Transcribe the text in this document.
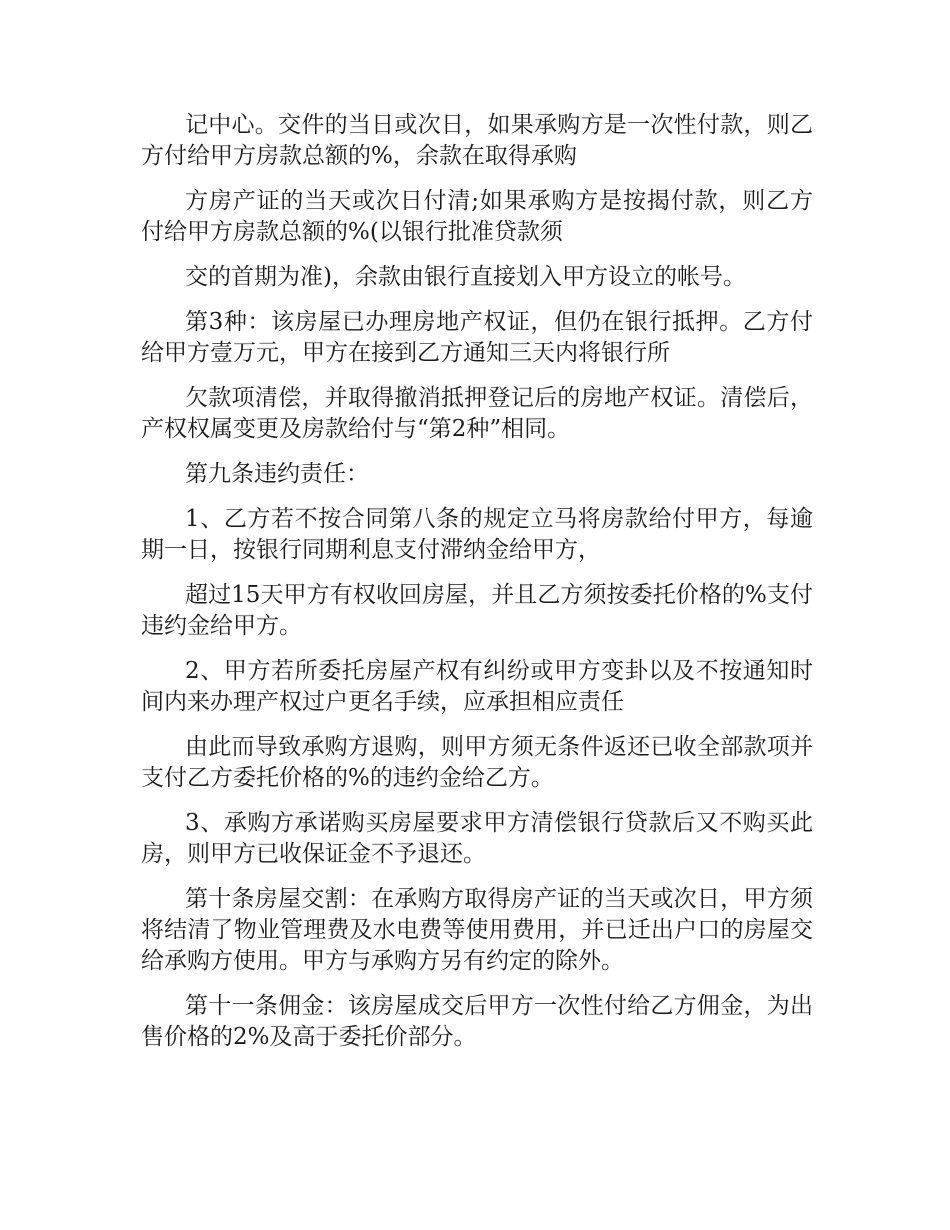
记中心。交件的当日或次日，如果承购方是一次性付款，则乙方付给甲方房款总额的%，余款在取得承购

方房产证的当天或次日付清;如果承购方是按揭付款，则乙方付给甲方房款总额的%(以银行批准贷款须

交的首期为准)，余款由银行直接划入甲方设立的帐号。

第3种：该房屋已办理房地产权证，但仍在银行抵押。乙方付给甲方壹万元，甲方在接到乙方通知三天内将银行所

欠款项清偿，并取得撤消抵押登记后的房地产权证。清偿后，产权权属变更及房款给付与“第2种”相同。

第九条违约责任：

1、乙方若不按合同第八条的规定立马将房款给付甲方，每逾期一日，按银行同期利息支付滞纳金给甲方，

超过15天甲方有权收回房屋，并且乙方须按委托价格的%支付违约金给甲方。

2、甲方若所委托房屋产权有纠纷或甲方变卦以及不按通知时间内来办理产权过户更名手续，应承担相应责任

由此而导致承购方退购，则甲方须无条件返还已收全部款项并支付乙方委托价格的%的违约金给乙方。

3、承购方承诺购买房屋要求甲方清偿银行贷款后又不购买此房，则甲方已收保证金不予退还。

第十条房屋交割：在承购方取得房产证的当天或次日，甲方须将结清了物业管理费及水电费等使用费用，并已迁出户口的房屋交给承购方使用。甲方与承购方另有约定的除外。

第十一条佣金：该房屋成交后甲方一次性付给乙方佣金，为出售价格的2%及高于委托价部分。
